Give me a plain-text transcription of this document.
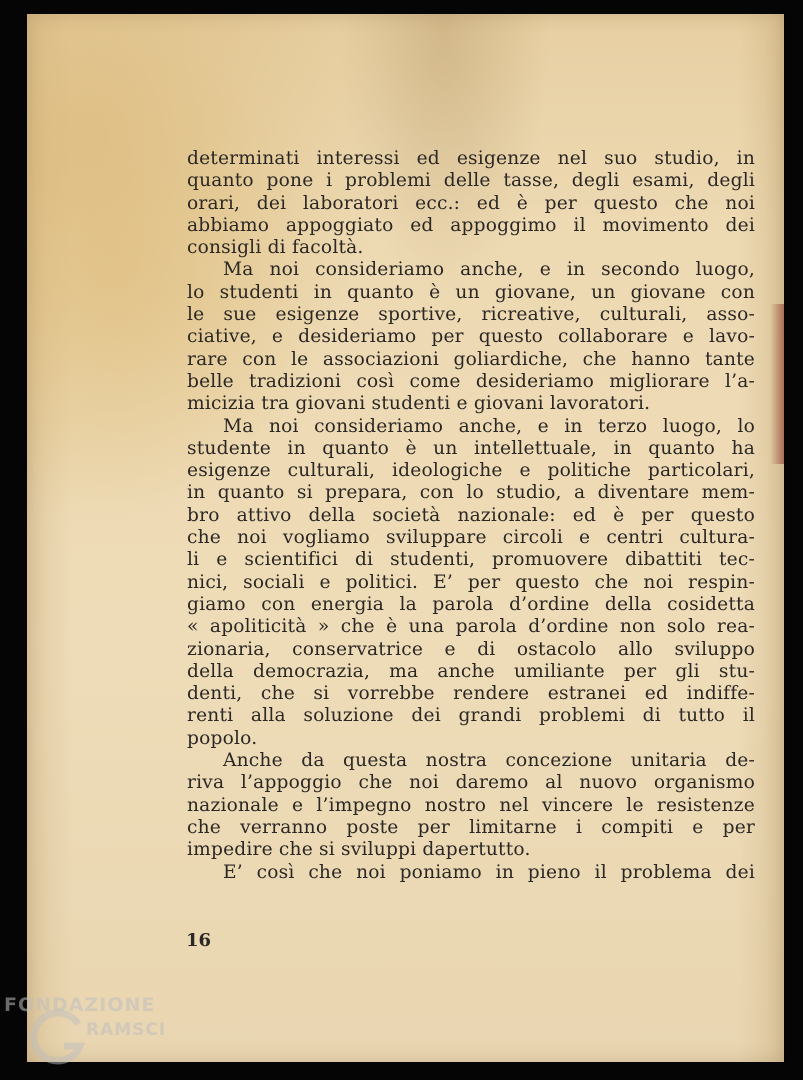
determinati interessi ed esigenze nel suo studio, in
quanto pone i problemi delle tasse, degli esami, degli
orari, dei laboratori ecc.: ed è per questo che noi
abbiamo appoggiato ed appoggimo il movimento dei
consigli di facoltà.
Ma noi consideriamo anche, e in secondo luogo,
lo studenti in quanto è un giovane, un giovane con
le sue esigenze sportive, ricreative, culturali, asso-
ciative, e desideriamo per questo collaborare e lavo-
rare con le associazioni goliardiche, che hanno tante
belle tradizioni così come desideriamo migliorare l’a-
micizia tra giovani studenti e giovani lavoratori.
Ma noi consideriamo anche, e in terzo luogo, lo
studente in quanto è un intellettuale, in quanto ha
esigenze culturali, ideologiche e politiche particolari,
in quanto si prepara, con lo studio, a diventare mem-
bro attivo della società nazionale: ed è per questo
che noi vogliamo sviluppare circoli e centri cultura-
li e scientifici di studenti, promuovere dibattiti tec-
nici, sociali e politici. E’ per questo che noi respin-
giamo con energia la parola d’ordine della cosidetta
« apoliticità » che è una parola d’ordine non solo rea-
zionaria, conservatrice e di ostacolo allo sviluppo
della democrazia, ma anche umiliante per gli stu-
denti, che si vorrebbe rendere estranei ed indiffe-
renti alla soluzione dei grandi problemi di tutto il
popolo.
Anche da questa nostra concezione unitaria de-
riva l’appoggio che noi daremo al nuovo organismo
nazionale e l’impegno nostro nel vincere le resistenze
che verranno poste per limitarne i compiti e per
impedire che si sviluppi dapertutto.
E’ così che noi poniamo in pieno il problema dei
16
FONDAZIONE
RAMSCI
